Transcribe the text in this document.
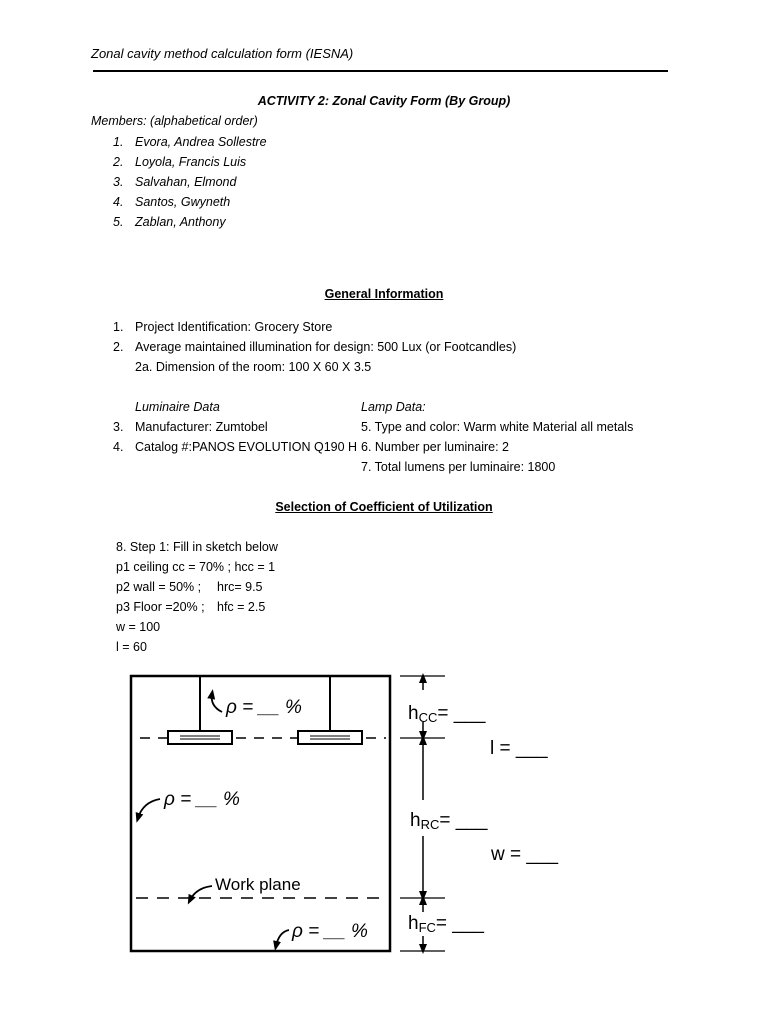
Zonal cavity method calculation form (IESNA)
ACTIVITY 2: Zonal Cavity Form (By Group)
Members: (alphabetical order)
1. Evora, Andrea Sollestre
2. Loyola, Francis Luis
3. Salvahan, Elmond
4. Santos, Gwyneth
5. Zablan, Anthony
General Information
1. Project Identification: Grocery Store
2. Average maintained illumination for design: 500 Lux (or Footcandles)
2a. Dimension of the room: 100 X 60 X 3.5
Luminaire Data	Lamp Data:
3. Manufacturer: Zumtobel	5. Type and color: Warm white Material all metals
4. Catalog #:PANOS EVOLUTION Q190 H 6. Number per luminaire: 2
7. Total lumens per luminaire: 1800
Selection of Coefficient of Utilization
8. Step 1: Fill in sketch below
p1 ceiling cc = 70% ; hcc = 1
p2 wall = 50% ; hrc= 9.5
p3 Floor =20% ; hfc = 2.5
w = 100
l = 60
ρ = __ %
ρ = __ %
Work plane
ρ = __ %
hCC= ___
hRC= ___
hFC= ___
l = ___
w = ___
